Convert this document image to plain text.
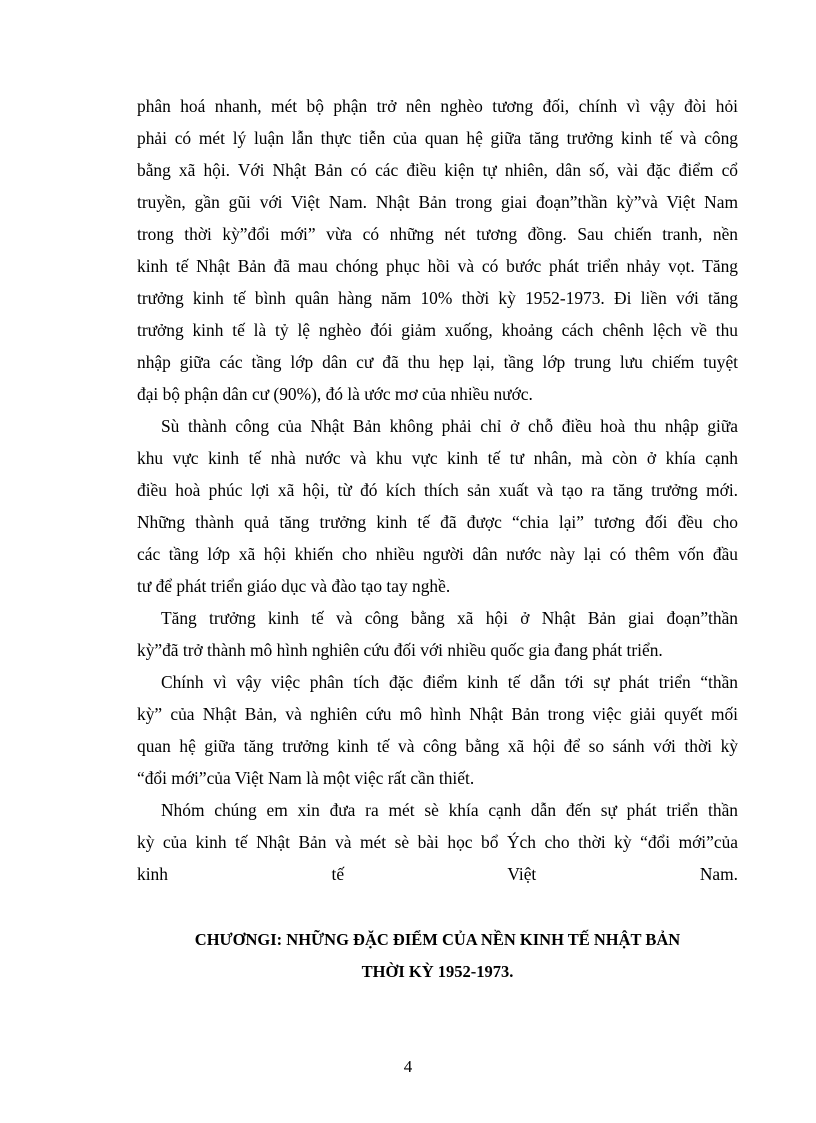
phân hoá nhanh, mét bộ phận trở nên nghèo tương đối, chính vì vậy đòi hỏi
phải có mét lý luận lẫn thực tiễn của quan hệ giữa tăng trưởng kinh tế và công
bằng xã hội. Với Nhật Bản có các điều kiện tự nhiên, dân số, vài đặc điểm cổ
truyền, gần gũi với Việt Nam. Nhật Bản trong giai đoạn”thần kỳ”và Việt Nam
trong thời kỳ”đổi mới” vừa có những nét tương đồng. Sau chiến tranh, nền
kinh tế Nhật Bản đã mau chóng phục hồi và có bước phát triển nhảy vọt. Tăng
trưởng kinh tế bình quân hàng năm 10% thời kỳ 1952-1973. Đi liền với tăng
trưởng kinh tế là tỷ lệ nghèo đói giảm xuống, khoảng cách chênh lệch về thu
nhập giữa các tầng lớp dân cư đã thu hẹp lại, tầng lớp trung lưu chiếm tuyệt
đại bộ phận dân cư (90%), đó là ước mơ của nhiều nước.
Sù thành công của Nhật Bản không phải chỉ ở chỗ điều hoà thu nhập giữa
khu vực kinh tế nhà nước và khu vực kinh tế tư nhân, mà còn ở khía cạnh
điều hoà phúc lợi xã hội, từ đó kích thích sản xuất và tạo ra tăng trưởng mới.
Những thành quả tăng trưởng kinh tế đã được “chia lại” tương đối đều cho
các tầng lớp xã hội khiến cho nhiều người dân nước này lại có thêm vốn đầu
tư để phát triển giáo dục và đào tạo tay nghề.
Tăng trưởng kinh tế và công bằng xã hội ở Nhật Bản giai đoạn”thần
kỳ”đã trở thành mô hình nghiên cứu đối với nhiều quốc gia đang phát triển.
Chính vì vậy việc phân tích đặc điểm kinh tế dẫn tới sự phát triển “thần
kỳ” của Nhật Bản, và nghiên cứu mô hình Nhật Bản trong việc giải quyết mối
quan hệ giữa tăng trưởng kinh tế và công bằng xã hội để so sánh với thời kỳ
“đổi mới”của Việt Nam là một việc rất cần thiết.
Nhóm chúng em xin đưa ra mét sè khía cạnh dẫn đến sự phát triển thần
kỳ của kinh tế Nhật Bản và mét sè bài học bổ Ých cho thời kỳ “đổi mới”của
kinh tế Việt Nam.
CHƯƠNGI: NHỮNG ĐẶC ĐIỂM CỦA NỀN KINH TẾ NHẬT BẢN
THỜI KỲ 1952-1973.
4
